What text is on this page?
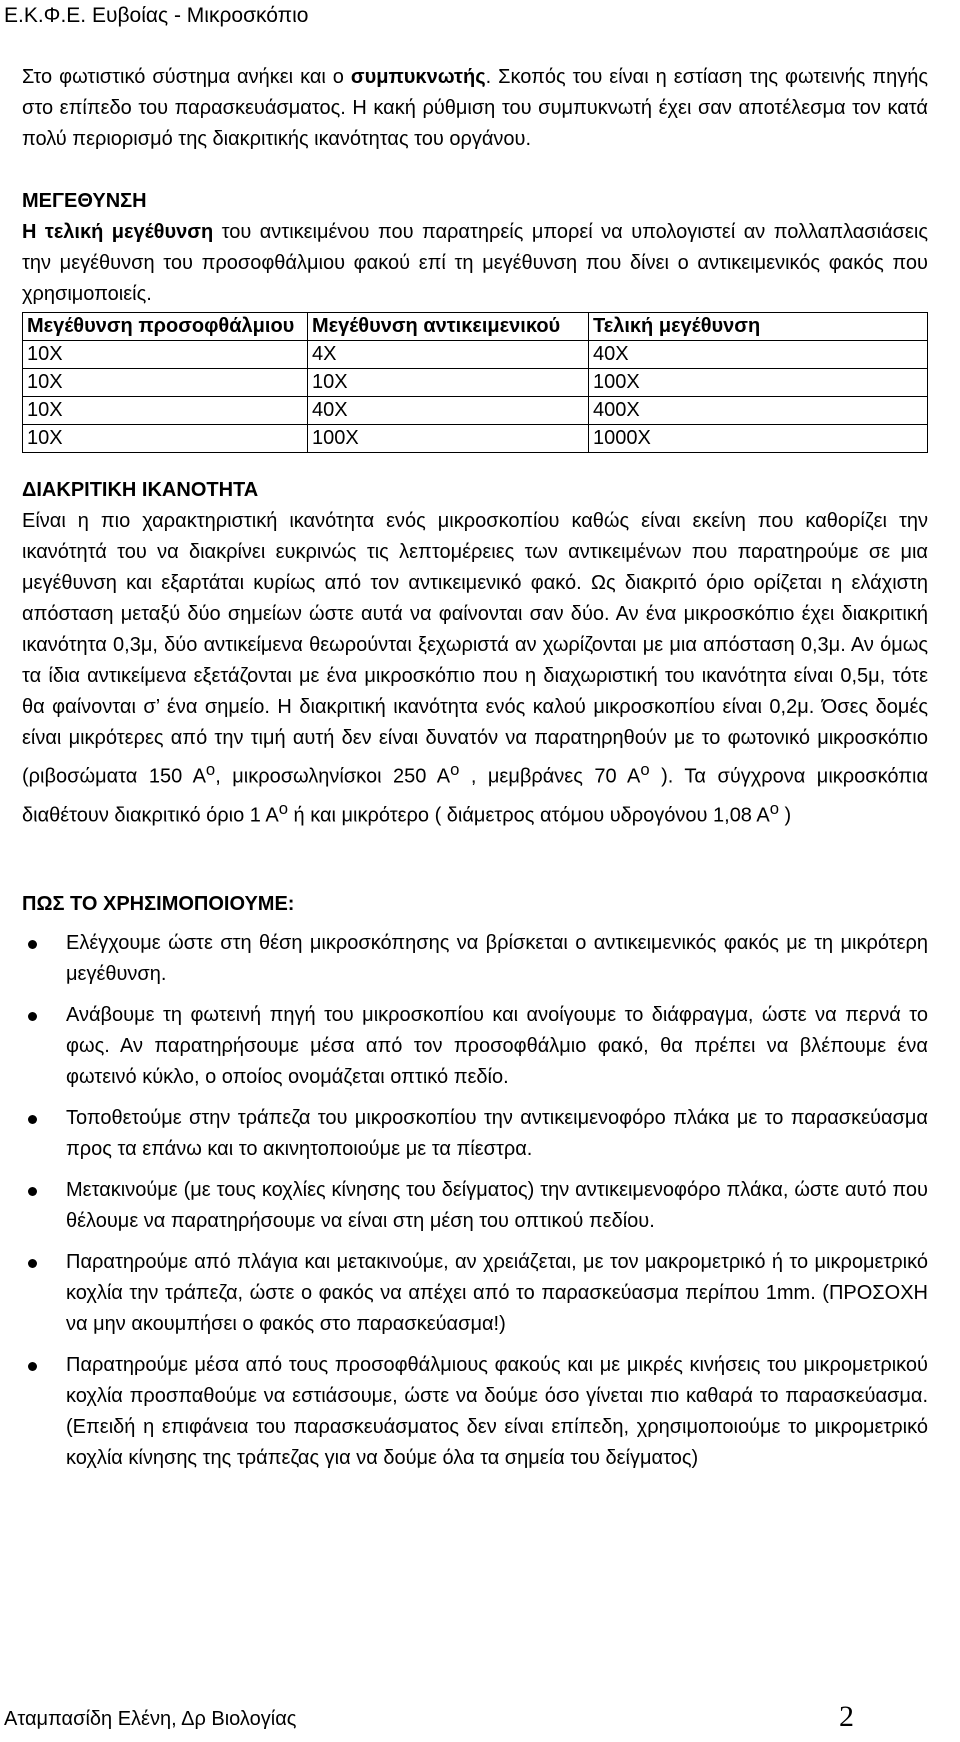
Ε.Κ.Φ.Ε. Ευβοίας - Μικροσκόπιο

Στο φωτιστικό σύστημα ανήκει και ο συμπυκνωτής. Σκοπός του είναι η εστίαση της φωτεινής πηγής στο επίπεδο του παρασκευάσματος. Η κακή ρύθμιση του συμπυκνωτή έχει σαν αποτέλεσμα τον κατά πολύ περιορισμό της διακριτικής ικανότητας του οργάνου.

ΜΕΓΕΘΥΝΣΗ

Η τελική μεγέθυνση του αντικειμένου που παρατηρείς μπορεί να υπολογιστεί αν πολλαπλασιάσεις την μεγέθυνση του προσοφθάλμιου φακού επί τη μεγέθυνση που δίνει ο αντικειμενικός φακός που χρησιμοποιείς.

Μεγέθυνση προσοφθάλμιου	Μεγέθυνση αντικειμενικού	Τελική μεγέθυνση
10X	4X	40X
10X	10X	100X
10X	40X	400X
10X	100X	1000X

ΔΙΑΚΡΙΤΙΚΗ ΙΚΑΝΟΤΗΤΑ

Είναι η πιο χαρακτηριστική ικανότητα ενός μικροσκοπίου καθώς είναι εκείνη που καθορίζει την ικανότητά του να διακρίνει ευκρινώς τις λεπτομέρειες των αντικειμένων που παρατηρούμε σε μια μεγέθυνση και εξαρτάται κυρίως από τον αντικειμενικό φακό. Ως διακριτό όριο ορίζεται η ελάχιστη απόσταση μεταξύ δύο σημείων ώστε αυτά να φαίνονται σαν δύο. Αν ένα μικροσκόπιο έχει διακριτική ικανότητα 0,3μ, δύο αντικείμενα θεωρούνται ξεχωριστά αν χωρίζονται με μια απόσταση 0,3μ. Αν όμως τα ίδια αντικείμενα εξετάζονται με ένα μικροσκόπιο που η διαχωριστική του ικανότητα είναι 0,5μ, τότε θα φαίνονται σ’ ένα σημείο. Η διακριτική ικανότητα ενός καλού μικροσκοπίου είναι 0,2μ. Όσες δομές είναι μικρότερες από την τιμή αυτή δεν είναι δυνατόν να παρατηρηθούν με το φωτονικό μικροσκόπιο (ριβοσώματα 150 $A^o$, μικροσωληνίσκοι 250 $A^o$ , μεμβράνες 70 $A^o$ ). Τα σύγχρονα μικροσκόπια διαθέτουν διακριτικό όριο 1 $A^o$ ή και μικρότερο ( διάμετρος ατόμου υδρογόνου 1,08 $A^o$ )

ΠΩΣ ΤΟ ΧΡΗΣΙΜΟΠΟΙΟΥΜΕ:

Ελέγχουμε ώστε στη θέση μικροσκόπησης να βρίσκεται ο αντικειμενικός φακός με τη μικρότερη μεγέθυνση.
Ανάβουμε τη φωτεινή πηγή του μικροσκοπίου και ανοίγουμε το διάφραγμα, ώστε να περνά το φως. Αν παρατηρήσουμε μέσα από τον προσοφθάλμιο φακό, θα πρέπει να βλέπουμε ένα φωτεινό κύκλο, ο οποίος ονομάζεται οπτικό πεδίο.
Τοποθετούμε στην τράπεζα του μικροσκοπίου την αντικειμενοφόρο πλάκα με το παρασκεύασμα προς τα επάνω και το ακινητοποιούμε με τα πίεστρα.
Μετακινούμε (με τους κοχλίες κίνησης του δείγματος) την αντικειμενοφόρο πλάκα, ώστε αυτό που θέλουμε να παρατηρήσουμε να είναι στη μέση του οπτικού πεδίου.
Παρατηρούμε από πλάγια και μετακινούμε, αν χρειάζεται, με τον μακρομετρικό ή το μικρομετρικό κοχλία την τράπεζα, ώστε ο φακός να απέχει από το παρασκεύασμα περίπου 1mm. (ΠΡΟΣΟΧΗ να μην ακουμπήσει ο φακός στο παρασκεύασμα!)
Παρατηρούμε μέσα από τους προσοφθάλμιους φακούς και με μικρές κινήσεις του μικρομετρικού κοχλία προσπαθούμε να εστιάσουμε, ώστε να δούμε όσο γίνεται πιο καθαρά το παρασκεύασμα. (Επειδή η επιφάνεια του παρασκευάσματος δεν είναι επίπεδη, χρησιμοποιούμε το μικρομετρικό κοχλία κίνησης της τράπεζας για να δούμε όλα τα σημεία του δείγματος)
Αταμπασίδη Ελένη, Δρ Βιολογίας	2
